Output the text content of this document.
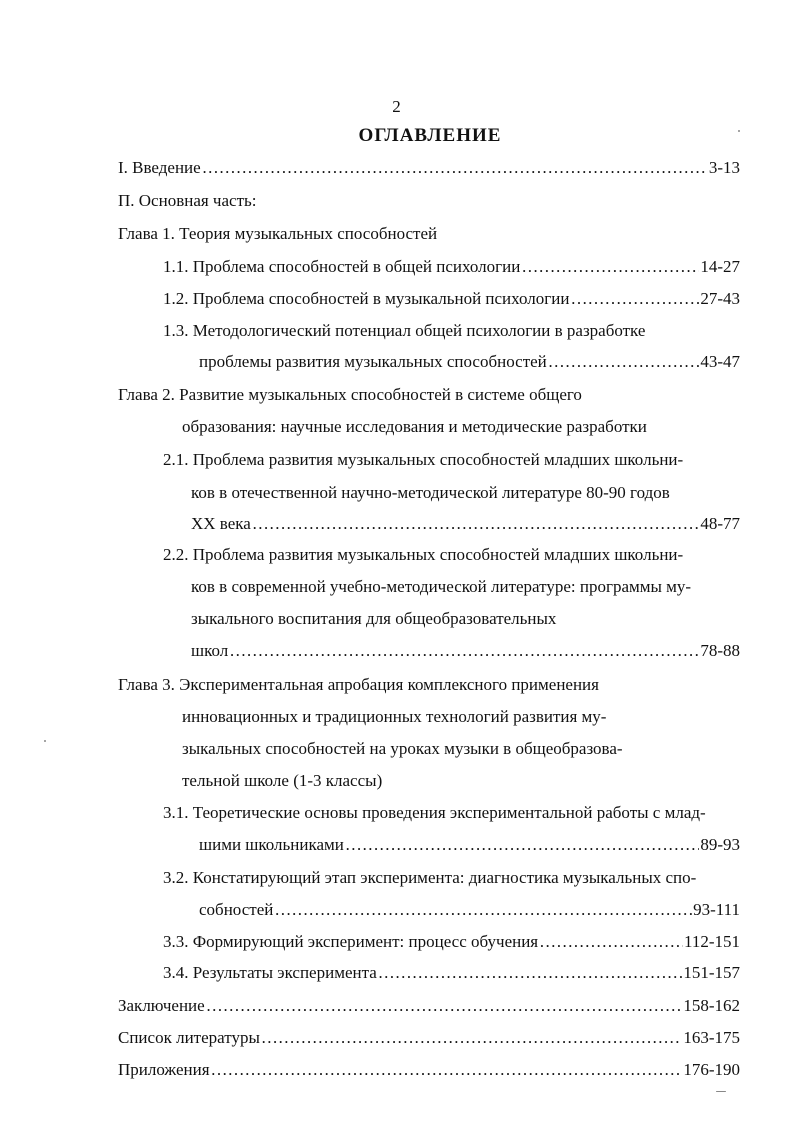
2
ОГЛАВЛЕНИЕ
I. Введение ………………………………………………………………………………………………………………………………………………………………………………………………………………	3-13
П. Основная часть:
Глава 1. Теория музыкальных способностей
1.1. Проблема способностей в общей психологии ………………………………………………………………………………………………………………………………………………………………………………………………………………	14-27
1.2. Проблема способностей в музыкальной психологии ………………………………………………………………………………………………………………………………………………………………………………………………………………	27-43
1.3. Методологический потенциал общей психологии в разработке
проблемы развития музыкальных способностей ………………………………………………………………………………………………………………………………………………………………………………………………………………	43-47
Глава 2. Развитие музыкальных способностей в системе общего
образования: научные исследования и методические разработки
2.1. Проблема развития музыкальных способностей младших школьни-
ков в отечественной научно-методической литературе 80-90 годов
XX века ………………………………………………………………………………………………………………………………………………………………………………………………………………	48-77
2.2. Проблема развития музыкальных способностей младших школьни-
ков в современной учебно-методической литературе: программы му-
зыкального воспитания для общеобразовательных
школ ………………………………………………………………………………………………………………………………………………………………………………………………………………	78-88
Глава 3. Экспериментальная апробация комплексного применения
инновационных и традиционных технологий развития му-
зыкальных способностей на уроках музыки в общеобразова-
тельной школе (1-3 классы)
3.1. Теоретические основы проведения экспериментальной работы с млад-
шими школьниками ………………………………………………………………………………………………………………………………………………………………………………………………………………	89-93
3.2. Констатирующий этап эксперимента: диагностика музыкальных спо-
собностей ………………………………………………………………………………………………………………………………………………………………………………………………………………	93-111
3.3. Формирующий эксперимент: процесс обучения ………………………………………………………………………………………………………………………………………………………………………………………………………………	112-151
3.4. Результаты эксперимента ………………………………………………………………………………………………………………………………………………………………………………………………………………	151-157
Заключение ………………………………………………………………………………………………………………………………………………………………………………………………………………	158-162
Список литературы ………………………………………………………………………………………………………………………………………………………………………………………………………………	163-175
Приложения ………………………………………………………………………………………………………………………………………………………………………………………………………………	176-190
